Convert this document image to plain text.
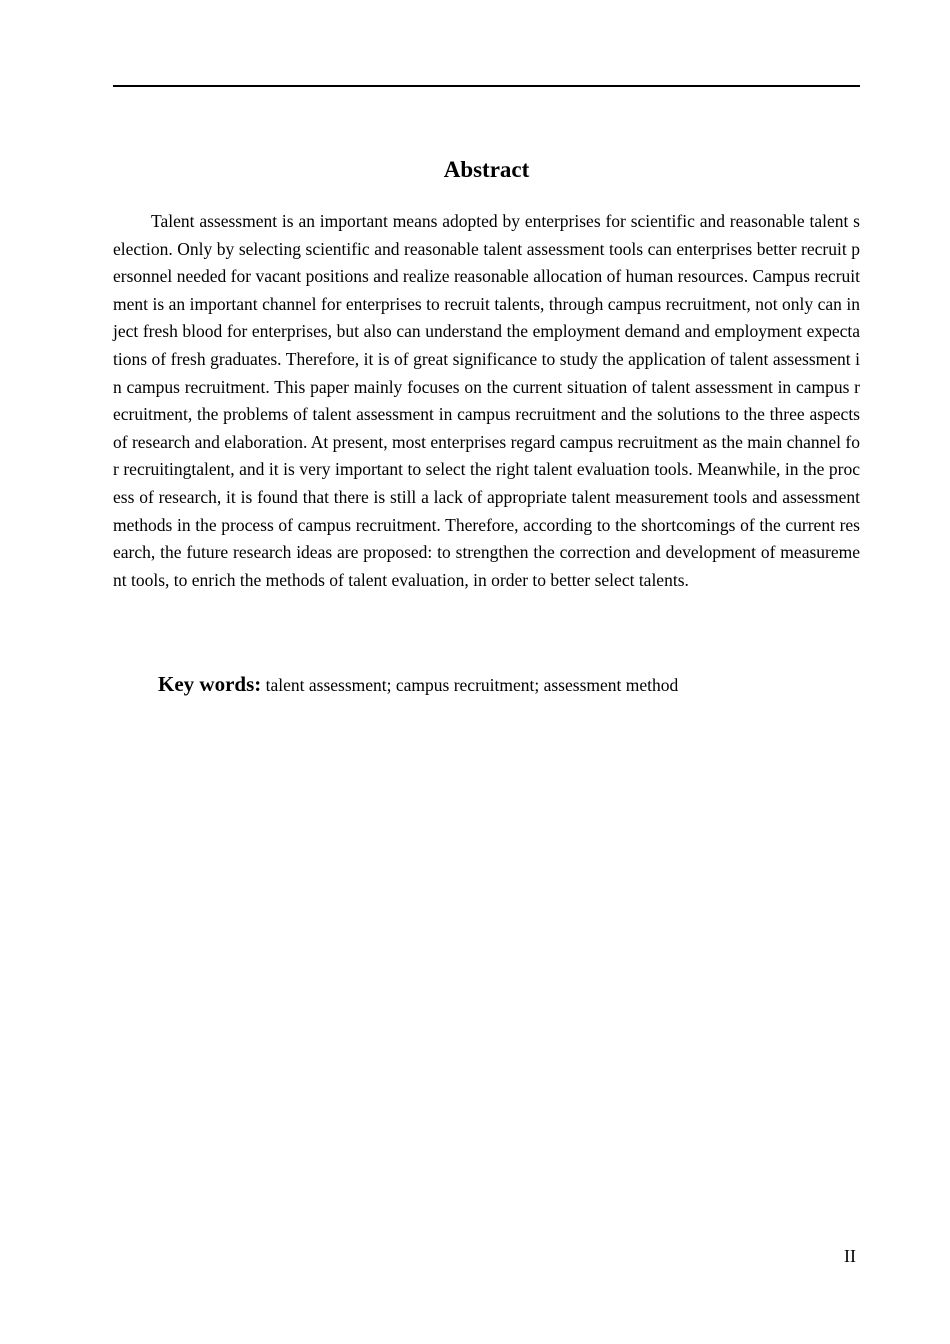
Abstract

Talent assessment is an important means adopted by enterprises for scientific and reasonable talent selection. Only by selecting scientific and reasonable talent assessment tools can enterprises better recruit personnel needed for vacant positions and realize reasonable allocation of human resources. Campus recruitment is an important channel for enterprises to recruit talents, through campus recruitment, not only can inject fresh blood for enterprises, but also can understand the employment demand and employment expectations of fresh graduates. Therefore, it is of great significance to study the application of talent assessment in campus recruitment. This paper mainly focuses on the current situation of talent assessment in campus recruitment, the problems of talent assessment in campus recruitment and the solutions to the three aspects of research and elaboration. At present, most enterprises regard campus recruitment as the main channel for recruitingtalent, and it is very important to select the right talent evaluation tools. Meanwhile, in the process of research, it is found that there is still a lack of appropriate talent measurement tools and assessment methods in the process of campus recruitment. Therefore, according to the shortcomings of the current research, the future research ideas are proposed: to strengthen the correction and development of measurement tools, to enrich the methods of talent evaluation, in order to better select talents.

Key words: talent assessment; campus recruitment; assessment method

II
